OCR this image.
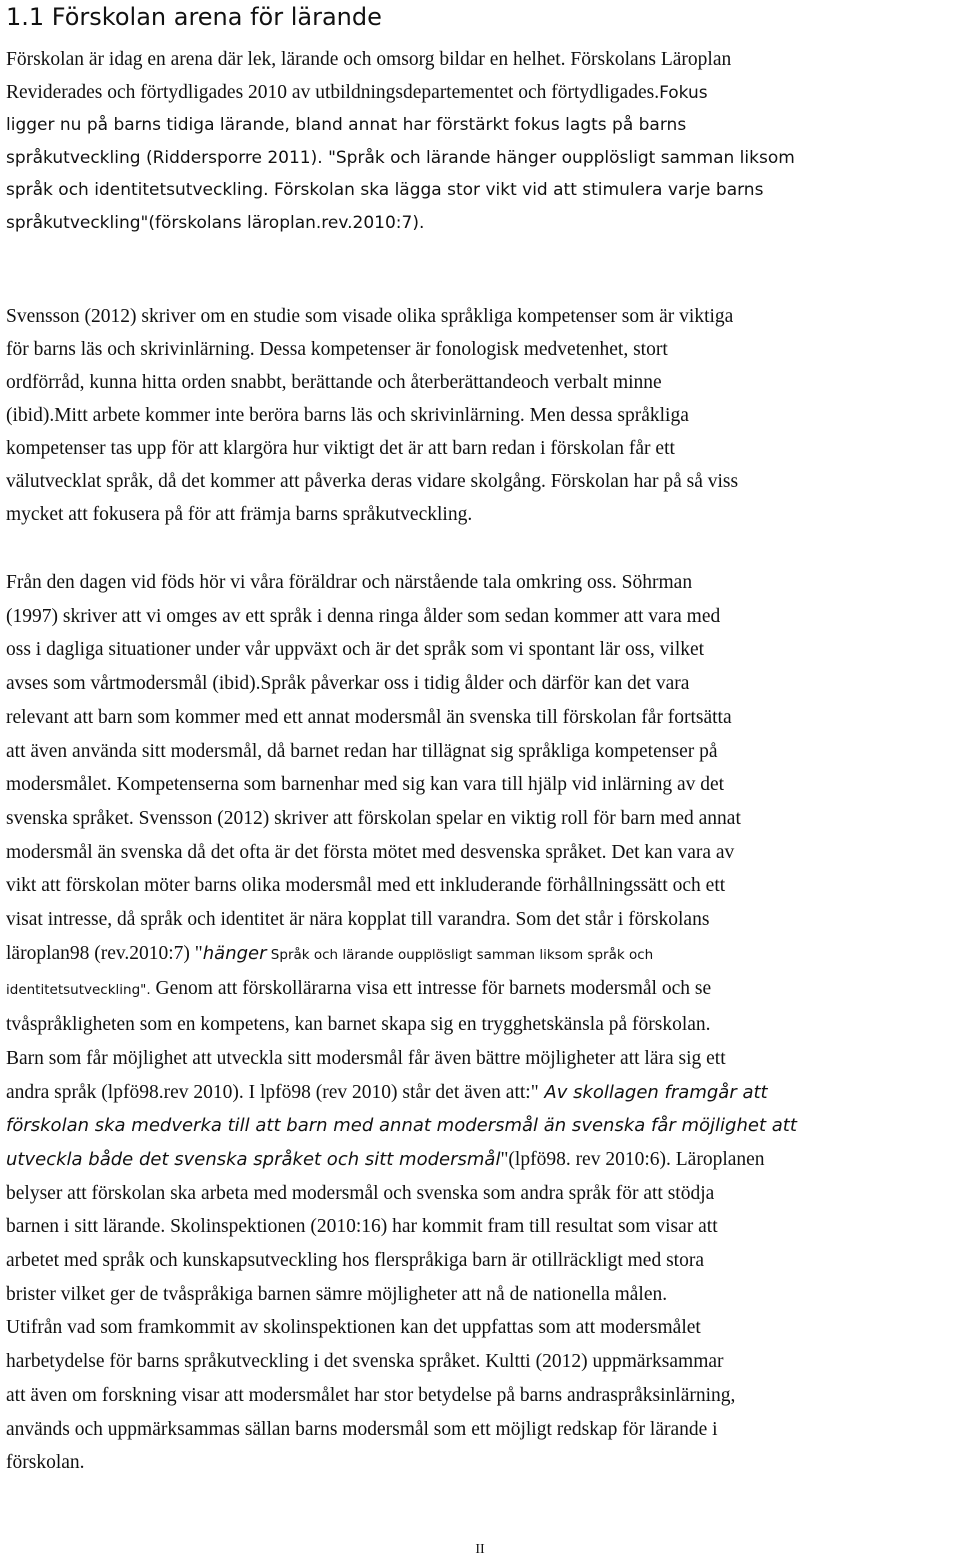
1.1 Förskolan arena för lärande

Förskolan är idag en arena där lek, lärande och omsorg bildar en helhet. Förskolans Läroplan
Reviderades och förtydligades 2010 av utbildningsdepartementet och förtydligades.Fokus
ligger nu på barns tidiga lärande, bland annat har förstärkt fokus lagts på barns
språkutveckling (Riddersporre 2011). "Språk och lärande hänger oupplösligt samman liksom
språk och identitetsutveckling. Förskolan ska lägga stor vikt vid att stimulera varje barns
språkutveckling"(förskolans läroplan.rev.2010:7).

Svensson (2012) skriver om en studie som visade olika språkliga kompetenser som är viktiga
för barns läs och skrivinlärning. Dessa kompetenser är fonologisk medvetenhet, stort
ordförråd, kunna hitta orden snabbt, berättande och återberättandeoch verbalt minne
(ibid).Mitt arbete kommer inte beröra barns läs och skrivinlärning. Men dessa språkliga
kompetenser tas upp för att klargöra hur viktigt det är att barn redan i förskolan får ett
välutvecklat språk, då det kommer att påverka deras vidare skolgång. Förskolan har på så viss
mycket att fokusera på för att främja barns språkutveckling.

Från den dagen vid föds hör vi våra föräldrar och närstående tala omkring oss. Söhrman
(1997) skriver att vi omges av ett språk i denna ringa ålder som sedan kommer att vara med
oss i dagliga situationer under vår uppväxt och är det språk som vi spontant lär oss, vilket
avses som vårtmodersmål (ibid).Språk påverkar oss i tidig ålder och därför kan det vara
relevant att barn som kommer med ett annat modersmål än svenska till förskolan får fortsätta
att även använda sitt modersmål, då barnet redan har tillägnat sig språkliga kompetenser på
modersmålet. Kompetenserna som barnenhar med sig kan vara till hjälp vid inlärning av det
svenska språket. Svensson (2012) skriver att förskolan spelar en viktig roll för barn med annat
modersmål än svenska då det ofta är det första mötet med desvenska språket. Det kan vara av
vikt att förskolan möter barns olika modersmål med ett inkluderande förhållningssätt och ett
visat intresse, då språk och identitet är nära kopplat till varandra. Som det står i förskolans
läroplan98 (rev.2010:7) "hänger Språk och lärande oupplösligt samman liksom språk och
identitetsutveckling". Genom att förskollärarna visa ett intresse för barnets modersmål och se
tvåspråkligheten som en kompetens, kan barnet skapa sig en trygghetskänsla på förskolan.
Barn som får möjlighet att utveckla sitt modersmål får även bättre möjligheter att lära sig ett
andra språk (lpfö98.rev 2010). I lpfö98 (rev 2010) står det även att:" Av skollagen framgår att
förskolan ska medverka till att barn med annat modersmål än svenska får möjlighet att
utveckla både det svenska språket och sitt modersmål"(lpfö98. rev 2010:6). Läroplanen
belyser att förskolan ska arbeta med modersmål och svenska som andra språk för att stödja
barnen i sitt lärande. Skolinspektionen (2010:16) har kommit fram till resultat som visar att
arbetet med språk och kunskapsutveckling hos flerspråkiga barn är otillräckligt med stora
brister vilket ger de tvåspråkiga barnen sämre möjligheter att nå de nationella målen.
Utifrån vad som framkommit av skolinspektionen kan det uppfattas som att modersmålet
harbetydelse för barns språkutveckling i det svenska språket. Kultti (2012) uppmärksammar
att även om forskning visar att modersmålet har stor betydelse på barns andraspråksinlärning,
används och uppmärksammas sällan barns modersmål som ett möjligt redskap för lärande i
förskolan.

II
